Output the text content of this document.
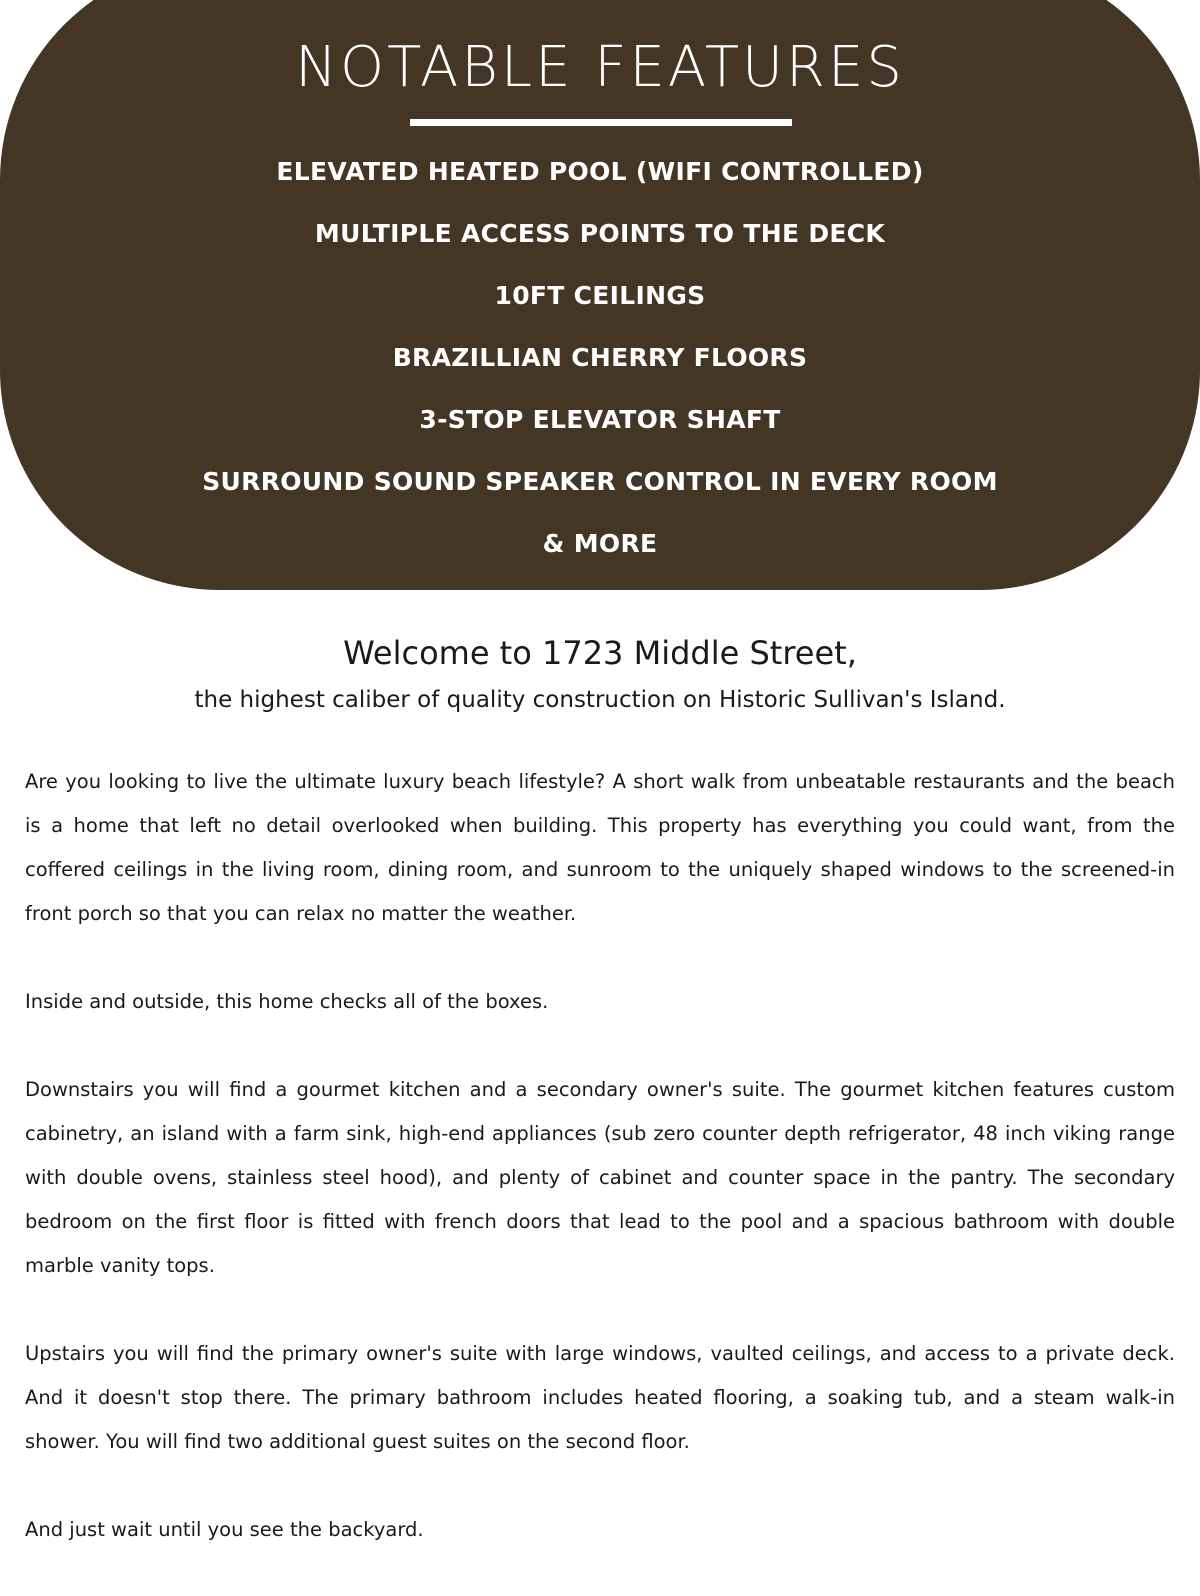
NOTABLE FEATURES
ELEVATED HEATED POOL (WIFI CONTROLLED)
MULTIPLE ACCESS POINTS TO THE DECK
10FT CEILINGS
BRAZILLIAN CHERRY FLOORS
3-STOP ELEVATOR SHAFT
SURROUND SOUND SPEAKER CONTROL IN EVERY ROOM
& MORE
Welcome to 1723 Middle Street,
the highest caliber of quality construction on Historic Sullivan's Island.

Are you looking to live the ultimate luxury beach lifestyle? A short walk from unbeatable restaurants and the beach is a home that left no detail overlooked when building. This property has everything you could want, from the coffered ceilings in the living room, dining room, and sunroom to the uniquely shaped windows to the screened-in front porch so that you can relax no matter the weather.

Inside and outside, this home checks all of the boxes.

Downstairs you will find a gourmet kitchen and a secondary owner's suite. The gourmet kitchen features custom cabinetry, an island with a farm sink, high-end appliances (sub zero counter depth refrigerator, 48 inch viking range with double ovens, stainless steel hood), and plenty of cabinet and counter space in the pantry. The secondary bedroom on the first floor is fitted with french doors that lead to the pool and a spacious bathroom with double marble vanity tops.

Upstairs you will find the primary owner's suite with large windows, vaulted ceilings, and access to a private deck. And it doesn't stop there. The primary bathroom includes heated flooring, a soaking tub, and a steam walk-in shower. You will find two additional guest suites on the second floor.

And just wait until you see the backyard.
